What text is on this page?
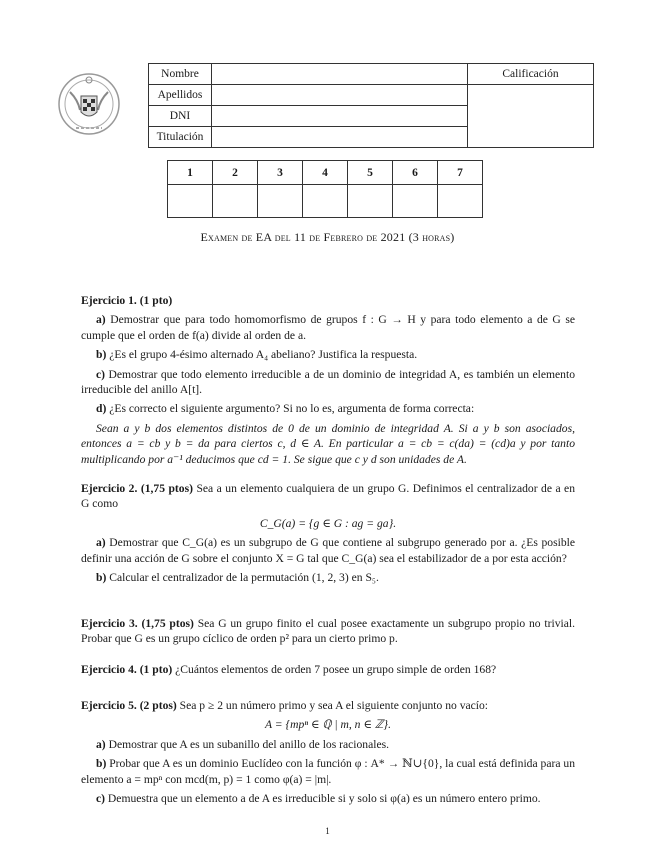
Nombre		Calificación
Apellidos		
DNI		
Titulación		
1	2	3	4	5	6	7

Examen de EA del 11 de Febrero de 2021 (3 horas)

Ejercicio 1. (1 pto)

a) Demostrar que para todo homomorfismo de grupos f : G → H y para todo elemento a de G se cumple que el orden de f(a) divide al orden de a.

b) ¿Es el grupo 4-ésimo alternado A₄ abeliano? Justifica la respuesta.

c) Demostrar que todo elemento irreducible a de un dominio de integridad A, es también un elemento irreducible del anillo A[t].

d) ¿Es correcto el siguiente argumento? Si no lo es, argumenta de forma correcta:

Sean a y b dos elementos distintos de 0 de un dominio de integridad A. Si a y b son asociados, entonces a = cb y b = da para ciertos c, d ∈ A. En particular a = cb = c(da) = (cd)a y por tanto multiplicando por a⁻¹ deducimos que cd = 1. Se sigue que c y d son unidades de A.

Ejercicio 2. (1,75 ptos) Sea a un elemento cualquiera de un grupo G. Definimos el centralizador de a en G como

C_G(a) = {g ∈ G : ag = ga}.

a) Demostrar que C_G(a) es un subgrupo de G que contiene al subgrupo generado por a. ¿Es posible definir una acción de G sobre el conjunto X = G tal que C_G(a) sea el estabilizador de a por esta acción?

b) Calcular el centralizador de la permutación (1, 2, 3) en S₅.

Ejercicio 3. (1,75 ptos) Sea G un grupo finito el cual posee exactamente un subgrupo propio no trivial. Probar que G es un grupo cíclico de orden p² para un cierto primo p.

Ejercicio 4. (1 pto) ¿Cuántos elementos de orden 7 posee un grupo simple de orden 168?

Ejercicio 5. (2 ptos) Sea p ≥ 2 un número primo y sea A el siguiente conjunto no vacío:

A = {mpⁿ ∈ ℚ | m, n ∈ ℤ}.

a) Demostrar que A es un subanillo del anillo de los racionales.

b) Probar que A es un dominio Euclídeo con la función φ : A* → ℕ∪{0}, la cual está definida para un elemento a = mpⁿ con mcd(m, p) = 1 como φ(a) = |m|.

c) Demuestra que un elemento a de A es irreducible si y solo si φ(a) es un número entero primo.

1
